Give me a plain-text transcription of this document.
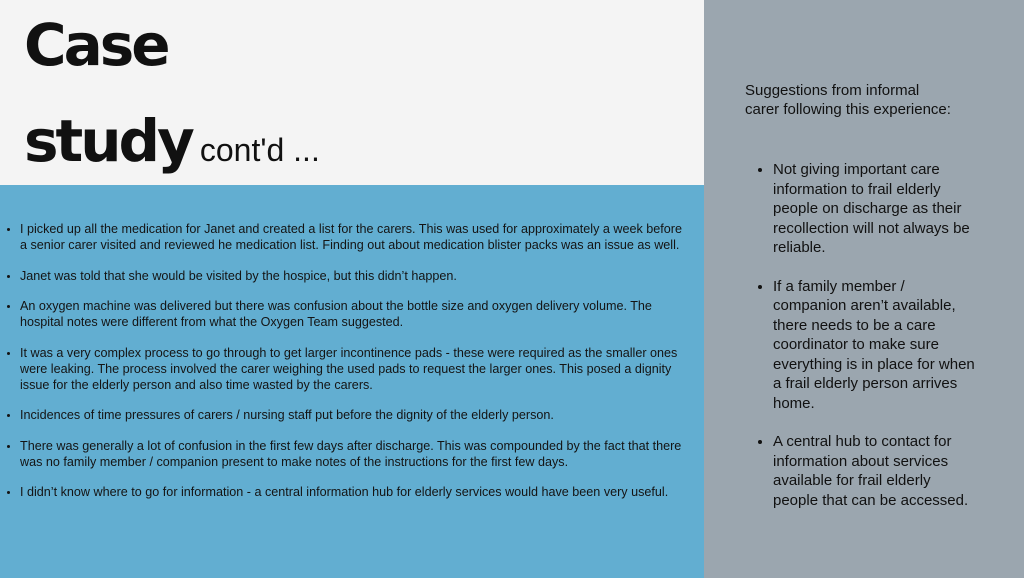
Case
study cont'd ...
• I picked up all the medication for Janet and created a list for the carers. This was used for approximately a week before a senior carer visited and reviewed he medication list. Finding out about medication blister packs was an issue as well.
• Janet was told that she would be visited by the hospice, but this didn’t happen.
• An oxygen machine was delivered but there was confusion about the bottle size and oxygen delivery volume. The hospital notes were different from what the Oxygen Team suggested.
• It was a very complex process to go through to get larger incontinence pads - these were required as the smaller ones were leaking. The process involved the carer weighing the used pads to request the larger ones. This posed a dignity issue for the elderly person and also time wasted by the carers.
• Incidences of time pressures of carers / nursing staff put before the dignity of the elderly person.
• There was generally a lot of confusion in the first few days after discharge. This was compounded by the fact that there was no family member / companion present to make notes of the instructions for the first few days.
• I didn’t know where to go for information - a central information hub for elderly services would have been very useful.

Suggestions from informal carer following this experience:

• Not giving important care information to frail elderly people on discharge as their recollection will not always be reliable.
• If a family member / companion aren’t available, there needs to be a care coordinator to make sure everything is in place for when a frail elderly person arrives home.
• A central hub to contact for information about services available for frail elderly people that can be accessed.
